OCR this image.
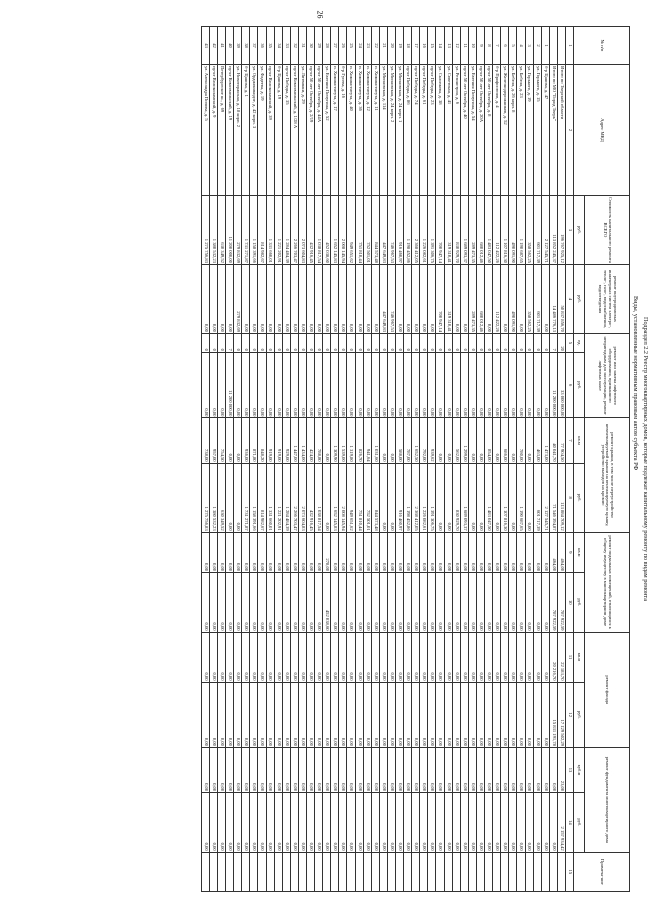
26
Подраздел 2.2 Реестр многоквартирных домов, которые подлежат капитальному ремонту по видам ремонта
Виды, установленные нормативным правовым актом субъекта РФ
№ п/п	Адрес МКД	Стоимость капитального ремонта ВСЕГО	ремонт внутридомовых инженерных систем электро-, тепло-, газо-, водоснабжения, водоотведения	ремонт или замена лифтового оборудования, признанного непригодным для эксплуатации, ремонт лифтовых шахт		ремонт крыши, в том числе переустройство невентилируемой крыши на вентилируемую крышу, устройство выходов на кровлю		ремонт подвальных помещений, относящихся к общему имуществу в многоквартирном доме		ремонт фасада		ремонт фундамента многоквартирного дома		Примеча-ние
		руб.	руб.	ед.	руб.	кв.м	руб.	кв.м	руб.	кв.м	руб.	куб.м	руб.	
1	2	3	4	5	6	7	8	9	10	11	12	13	14	15
	Итого по Тверской области	196 767 925,12	50 837 856,70	20	33 000 000,00	77 904,50	113 884 709,12	464,00	787 922,59	22 183,70	17 129 502,29	23,00	2 157 934,42	
	Итого по МО "Город Тверь"	113 852 245,37	14 486 776,13	7	11 200 000,00	40 041,70	71 546 394,87	464,00	787 922,59	20 216,70	15 831 191,78	0,00	0,00	
1	б-р Цанова, д. 47	2 127 545,71	0,00	0	0,00	1 473,00	2 127 545,71	0,00	0,00	0,00	0,00	0,00	0,00	
2	ул. Горького, д. 15	601 717,39	601 717,39	0	0,00	463,00	601 717,39	0,00	0,00	0,00	0,00	0,00	0,00	
3	ул. Горького, д. 19	358 562,25	358 562,25	0	0,00	0,00	0,00	0,00	0,00	0,00	0,00	0,00	0,00	
4	ул. Бебеля, д. 23	1 190 687,65	0,00	0	0,00	780,00	1 190 687,65	0,00	0,00	0,00	0,00	0,00	0,00	
5	ул. Бебеля, д. 26 корп. 8	490 091,90	490 091,90	0	0,00	0,00	0,00	0,00	0,00	0,00	0,00	0,00	0,00	
6	ул. Железнодорожников, д. 52	1 107 816,30	0,00	0	0,00	686,00	1 107 816,30	0,00	0,00	0,00	0,00	0,00	0,00	
7	б-р Профсоюзов, д. 4	112 422,26	112 422,26	0	0,00	0,00	0,00	0,00	0,00	0,00	0,00	0,00	0,00	
8	пр-кт 50 лет Октября, д. 8	1 483 047,50	0,00	0	0,00	854,00	1 483 047,50	0,00	0,00	0,00	0,00	0,00	0,00	
9	пр-кт 50 лет Октября, д. 20А	680 012,46	680 012,46	0	0,00	0,00	0,00	0,00	0,00	0,00	0,00	0,00	0,00	
10	ул. Евгения Пичугина, д. 54	289 473,35	289 473,35	0	0,00	0,00	0,00	0,00	0,00	0,00	0,00	0,00	0,00	
11	пр-кт 50 лет Октября, д. 40	1 689 093,37	0,00	0	0,00	1 299,00	1 689 093,37	0,00	0,00	0,00	0,00	0,00	0,00	
12	ул. Резинстроя, д. 6	830 929,70	0,00	0	0,00	562,00	830 929,70	0,00	0,00	0,00	0,00	0,00	0,00	
13	ул. Советская, д. 41	319 310,41	319 310,41	0	0,00	0,00	0,00	0,00	0,00	0,00	0,00	0,00	0,00	
14	ул. Склизкова, д. 38	700 947,14	700 947,14	0	0,00	0,00	0,00	0,00	0,00	0,00	0,00	0,00	0,00	
15	пр-кт Победы, д. 23	1 391 306,75	0,00	0	0,00	939,62	1 391 306,75	0,00	0,00	0,00	0,00	0,00	0,00	
16	пр-кт Победы, д. 61	1 226 082,61	0,00	0	0,00	792,00	1 226 082,61	0,00	0,00	0,00	0,00	0,00	0,00	
17	пр-кт Победы, д. 74	2 368 412,05	0,00	0	0,00	1 652,50	2 368 412,05	0,00	0,00	0,00	0,00	0,00	0,00	
18	пр-кт Победы, д. 86	1 198 452,86	0,00	0	0,00	787,00	1 198 452,86	0,00	0,00	0,00	0,00	0,00	0,00	
19	ул. Московская, д. 24 корп. 1	916 460,97	0,00	0	0,00	588,00	916 460,97	0,00	0,00	0,00	0,00	0,00	0,00	
20	ул. Московская, д. 24 корп. 2	746 967,53	746 967,53	0	0,00	0,00	0,00	0,00	0,00	0,00	0,00	0,00	0,00	
21	ул. Московская, д. 114	447 649,83	447 649,83	0	0,00	0,00	0,00	0,00	0,00	0,00	0,00	0,00	0,00	
22	п. Химинститута, д. 11	844 573,48	0,00	0	0,00	1 031,60	844 573,48	0,00	0,00	0,00	0,00	0,00	0,00	
23	п. Химинститута, д. 12	752 501,01	0,00	0	0,00	941,64	752 501,01	0,00	0,00	0,00	0,00	0,00	0,00	
24	п. Химинститута, д. 36	751 810,44	0,00	0	0,00	826,70	751 810,44	0,00	0,00	0,00	0,00	0,00	0,00	
25	п. Химинститута, д. 40	949 651,62	0,00	0	0,00	1 319,80	949 651,62	0,00	0,00	0,00	0,00	0,00	0,00	
26	б-р Гусева, д. 16	2 008 145,94	0,00	0	0,00	1 539,00	2 008 145,94	0,00	0,00	0,00	0,00	0,00	0,00	
27	п. Химинститута, д. 17	1 652 145,83	0,00	0	0,00	1 309,90	1 652 145,83	0,00	0,00	0,00	0,00	0,00	0,00	
28	ул. Евгения Пичугина, д. 52	452 038,60	0,00	0	0,00	0,00	0,00	278,00	452 038,60	0,00	0,00	0,00	0,00	
29	пр-кт 50 лет Октября, д. 44А	1 038 817,54	0,00	0	0,00	788,80	1 038 817,54	0,00	0,00	0,00	0,00	0,00	0,00	
30	пр-кт 50 лет Октября, д. 2/19	432 916,45	0,00	0	0,00	424,00	432 916,45	0,00	0,00	0,00	0,00	0,00	0,00	
31	ул. Литвинки, д. 29	2 073 604,83	0,00	0	0,00	1 434,00	2 073 604,83	0,00	0,00	0,00	0,00	0,00	0,00	
32	пр-кт Комсомольский, д. 1/28 А	2 266 703,47	0,00	0	0,00	1 447,00	2 266 703,47	0,00	0,00	0,00	0,00	0,00	0,00	
33	пр-кт Победы, д. 35	1 284 484,39	0,00	0	0,00	929,00	1 284 484,39	0,00	0,00	0,00	0,00	0,00	0,00	
34	б-р Цанова, д. 19	1 221 202,91	0,00	0	0,00	919,00	1 221 202,91	0,00	0,00	0,00	0,00	0,00	0,00	
35	пр-кт Волоколамский, д. 39	1 331 660,01	0,00	0	0,00	919,00	1 331 660,01	0,00	0,00	0,00	0,00	0,00	0,00	
36	ул. Фадеева, д. 19	814 982,67	0,00	0	0,00	848,20	814 982,67	0,00	0,00	0,00	0,00	0,00	0,00	
37	ул. Орджоникидзе, д. 42 корп. 3	1 158 391,66	0,00	0	0,00	871,80	1 158 391,66	0,00	0,00	0,00	0,00	0,00	0,00	
38	б-р Цанова, д. 1	1 731 271,87	0,00	0	0,00	936,00	1 731 271,87	0,00	0,00	0,00	0,00	0,00	0,00	
39	ул. Новоторжская, д. 18 корп. 2	279 832,69	279 832,69	0	0,00	0,00	0,00	0,00	0,00	0,00	0,00	0,00	0,00	
40	пр-кт Комсомольский, д. 19	11 200 000,00	0,00	7	11 200 000,00	0,00	0,00	0,00	0,00	0,00	0,00	0,00	0,00	
41	Петербургское ш., д. 69	630 349,52	0,00	0	0,00	754,50	630 349,52	0,00	0,00	0,00	0,00	0,00	0,00	
42	пр-кт Волоколамский, д. 9	1 380 532,23	0,00	0	0,00	957,00	1 380 532,23	0,00	0,00	0,00	0,00	0,00	0,00	
43	ул. Александра Попова, д. 5	1 275 756,83	0,00	0	0,00	738,00	1 275 756,83	0,00	0,00	0,00	0,00	0,00	0,00	
